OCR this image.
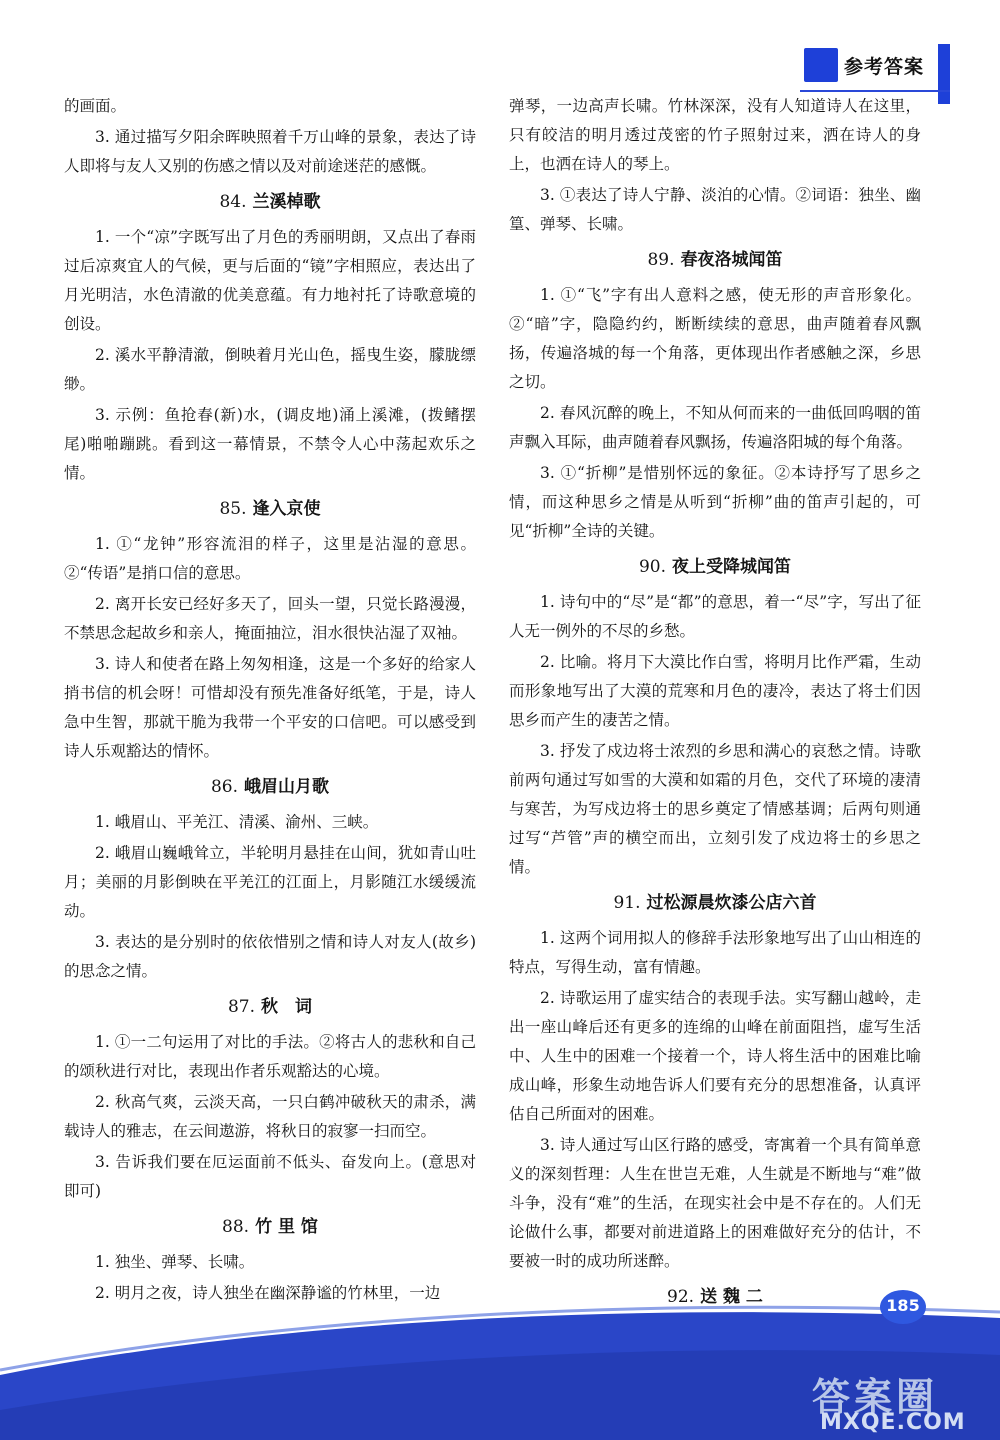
参考答案

的画面。

3. 通过描写夕阳余晖映照着千万山峰的景象，表达了诗人即将与友人又别的伤感之情以及对前途迷茫的感慨。

84. 兰溪棹歌

1. 一个“凉”字既写出了月色的秀丽明朗，又点出了春雨过后凉爽宜人的气候，更与后面的“镜”字相照应，表达出了月光明洁，水色清澈的优美意蕴。有力地衬托了诗歌意境的创设。

2. 溪水平静清澈，倒映着月光山色，摇曳生姿，朦胧缥缈。

3. 示例：鱼抢春(新)水，(调皮地)涌上溪滩，(拨鳍摆尾)啪啪蹦跳。看到这一幕情景，不禁令人心中荡起欢乐之情。

85. 逢入京使

1. ①“龙钟”形容流泪的样子，这里是沾湿的意思。②“传语”是捎口信的意思。

2. 离开长安已经好多天了，回头一望，只觉长路漫漫，不禁思念起故乡和亲人，掩面抽泣，泪水很快沾湿了双袖。

3. 诗人和使者在路上匆匆相逢，这是一个多好的给家人捎书信的机会呀！可惜却没有预先准备好纸笔，于是，诗人急中生智，那就干脆为我带一个平安的口信吧。可以感受到诗人乐观豁达的情怀。

86. 峨眉山月歌

1. 峨眉山、平羌江、清溪、渝州、三峡。

2. 峨眉山巍峨耸立，半轮明月悬挂在山间，犹如青山吐月；美丽的月影倒映在平羌江的江面上，月影随江水缓缓流动。

3. 表达的是分别时的依依惜别之情和诗人对友人(故乡)的思念之情。

87. 秋　词

1. ①一二句运用了对比的手法。②将古人的悲秋和自己的颂秋进行对比，表现出作者乐观豁达的心境。

2. 秋高气爽，云淡天高，一只白鹤冲破秋天的肃杀，满载诗人的雅志，在云间遨游，将秋日的寂寥一扫而空。

3. 告诉我们要在厄运面前不低头、奋发向上。(意思对即可)

88. 竹 里 馆

1. 独坐、弹琴、长啸。

2. 明月之夜，诗人独坐在幽深静谧的竹林里，一边

弹琴，一边高声长啸。竹林深深，没有人知道诗人在这里，只有皎洁的明月透过茂密的竹子照射过来，洒在诗人的身上，也洒在诗人的琴上。

3. ①表达了诗人宁静、淡泊的心情。②词语：独坐、幽篁、弹琴、长啸。

89. 春夜洛城闻笛

1. ①“飞”字有出人意料之感，使无形的声音形象化。②“暗”字，隐隐约约，断断续续的意思，曲声随着春风飘扬，传遍洛城的每一个角落，更体现出作者感触之深，乡思之切。

2. 春风沉醉的晚上，不知从何而来的一曲低回呜咽的笛声飘入耳际，曲声随着春风飘扬，传遍洛阳城的每个角落。

3. ①“折柳”是惜别怀远的象征。②本诗抒写了思乡之情，而这种思乡之情是从听到“折柳”曲的笛声引起的，可见“折柳”全诗的关键。

90. 夜上受降城闻笛

1. 诗句中的“尽”是“都”的意思，着一“尽”字，写出了征人无一例外的不尽的乡愁。

2. 比喻。将月下大漠比作白雪，将明月比作严霜，生动而形象地写出了大漠的荒寒和月色的凄冷，表达了将士们因思乡而产生的凄苦之情。

3. 抒发了戍边将士浓烈的乡思和满心的哀愁之情。诗歌前两句通过写如雪的大漠和如霜的月色，交代了环境的凄清与寒苦，为写戍边将士的思乡奠定了情感基调；后两句则通过写“芦管”声的横空而出，立刻引发了戍边将士的乡思之情。

91. 过松源晨炊漆公店六首

1. 这两个词用拟人的修辞手法形象地写出了山山相连的特点，写得生动，富有情趣。

2. 诗歌运用了虚实结合的表现手法。实写翻山越岭，走出一座山峰后还有更多的连绵的山峰在前面阻挡，虚写生活中、人生中的困难一个接着一个，诗人将生活中的困难比喻成山峰，形象生动地告诉人们要有充分的思想准备，认真评估自己所面对的困难。

3. 诗人通过写山区行路的感受，寄寓着一个具有简单意义的深刻哲理：人生在世岂无难，人生就是不断地与“难”做斗争，没有“难”的生活，在现实社会中是不存在的。人们无论做什么事，都要对前进道路上的困难做好充分的估计，不要被一时的成功所迷醉。

92. 送 魏 二	185
答案圈
MXQE.COM
